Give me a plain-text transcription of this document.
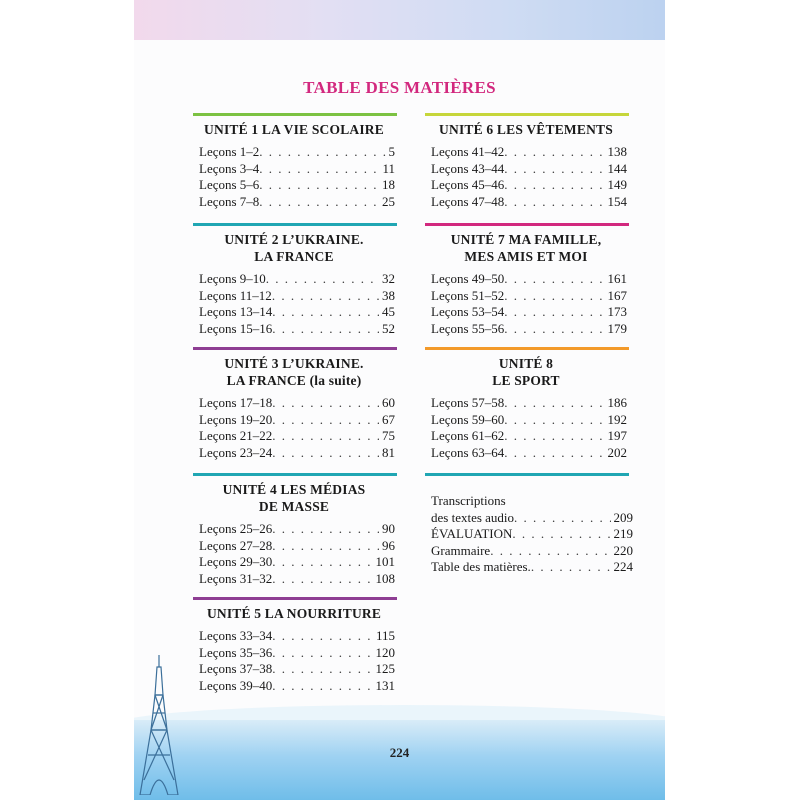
TABLE DES MATIÈRES
UNITÉ 1 LA VIE SCOLAIRE
Leçons 1–2 . . .	5
Leçons 3–4 . . .	11
Leçons 5–6 . . .	18
Leçons 7–8 . . .	25
UNITÉ 2 L’UKRAINE.
LA FRANCE
Leçons 9–10 . . .	32
Leçons 11–12 . . .	38
Leçons 13–14 . . .	45
Leçons 15–16 . . .	52
UNITÉ 3 L’UKRAINE.
LA FRANCE (la suite)
Leçons 17–18 . . .	60
Leçons 19–20 . . .	67
Leçons 21–22 . . .	75
Leçons 23–24 . . .	81
UNITÉ 4 LES MÉDIAS
DE MASSE
Leçons 25–26 . . .	90
Leçons 27–28 . . .	96
Leçons 29–30 . . .	101
Leçons 31–32 . . .	108
UNITÉ 5 LA NOURRITURE
Leçons 33–34 . . .	115
Leçons 35–36 . . .	120
Leçons 37–38 . . .	125
Leçons 39–40 . . .	131
UNITÉ 6 LES VÊTEMENTS
Leçons 41–42 . . .	138
Leçons 43–44 . . .	144
Leçons 45–46 . . .	149
Leçons 47–48 . . .	154
UNITÉ 7 MA FAMILLE,
MES AMIS ET MOI
Leçons 49–50 . . .	161
Leçons 51–52 . . .	167
Leçons 53–54 . . .	173
Leçons 55–56 . . .	179
UNITÉ 8
LE SPORT
Leçons 57–58 . . .	186
Leçons 59–60 . . .	192
Leçons 61–62 . . .	197
Leçons 63–64 . . .	202
Transcriptions
des textes audio . . .	209
ÉVALUATION . . .	219
Grammaire . . .	220
Table des matières. . . .	224
224
